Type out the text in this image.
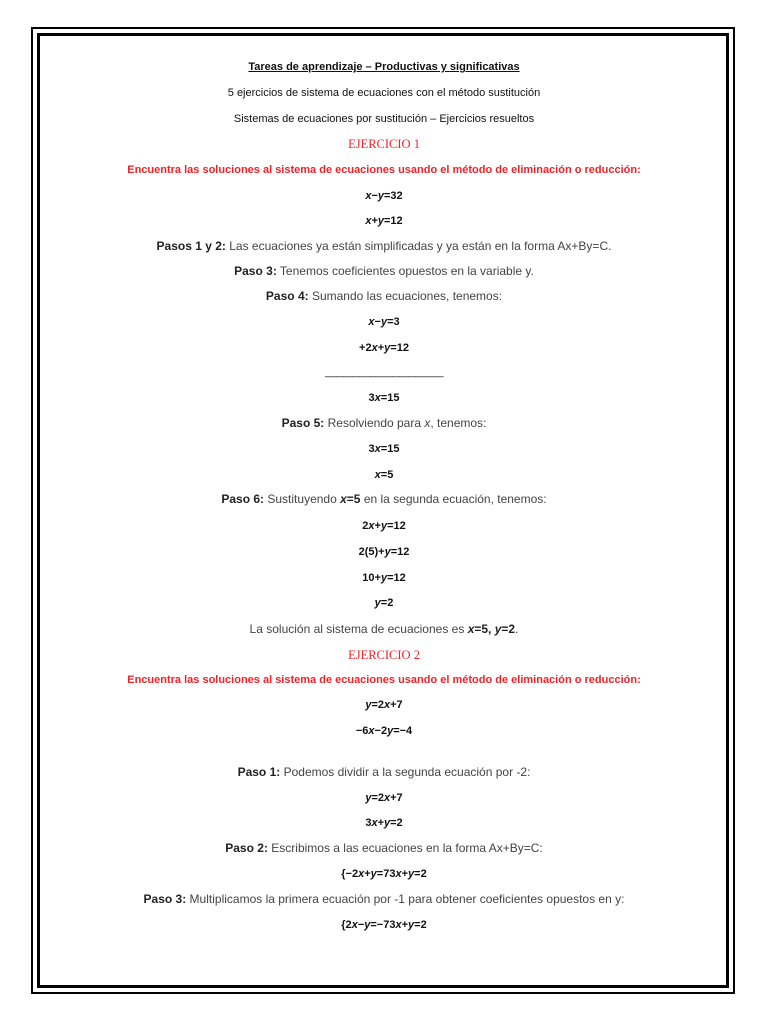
Tareas de aprendizaje – Productivas y significativas
5 ejercicios de sistema de ecuaciones con el método sustitución
Sistemas de ecuaciones por sustitución – Ejercicios resueltos
EJERCICIO 1
Encuentra las soluciones al sistema de ecuaciones usando el método de eliminación o reducción:
x−y=32
x+y=12
Pasos 1 y 2: Las ecuaciones ya están simplificadas y ya están en la forma Ax+By=C.
Paso 3: Tenemos coeficientes opuestos en la variable y.
Paso 4: Sumando las ecuaciones, tenemos:
x−y=3
+2x+y=12
_____________________
3x=15
Paso 5: Resolviendo para x, tenemos:
3x=15
x=5
Paso 6: Sustituyendo x=5 en la segunda ecuación, tenemos:
2x+y=12
2(5)+y=12
10+y=12
y=2
La solución al sistema de ecuaciones es x=5, y=2.
EJERCICIO 2
Encuentra las soluciones al sistema de ecuaciones usando el método de eliminación o reducción:
y=2x+7
−6x−2y=−4
Paso 1: Podemos dividir a la segunda ecuación por -2:
y=2x+7
3x+y=2
Paso 2: Escribimos a las ecuaciones en la forma Ax+By=C:
{−2x+y=73x+y=2
Paso 3: Multiplicamos la primera ecuación por -1 para obtener coeficientes opuestos en y:
{2x−y=−73x+y=2
